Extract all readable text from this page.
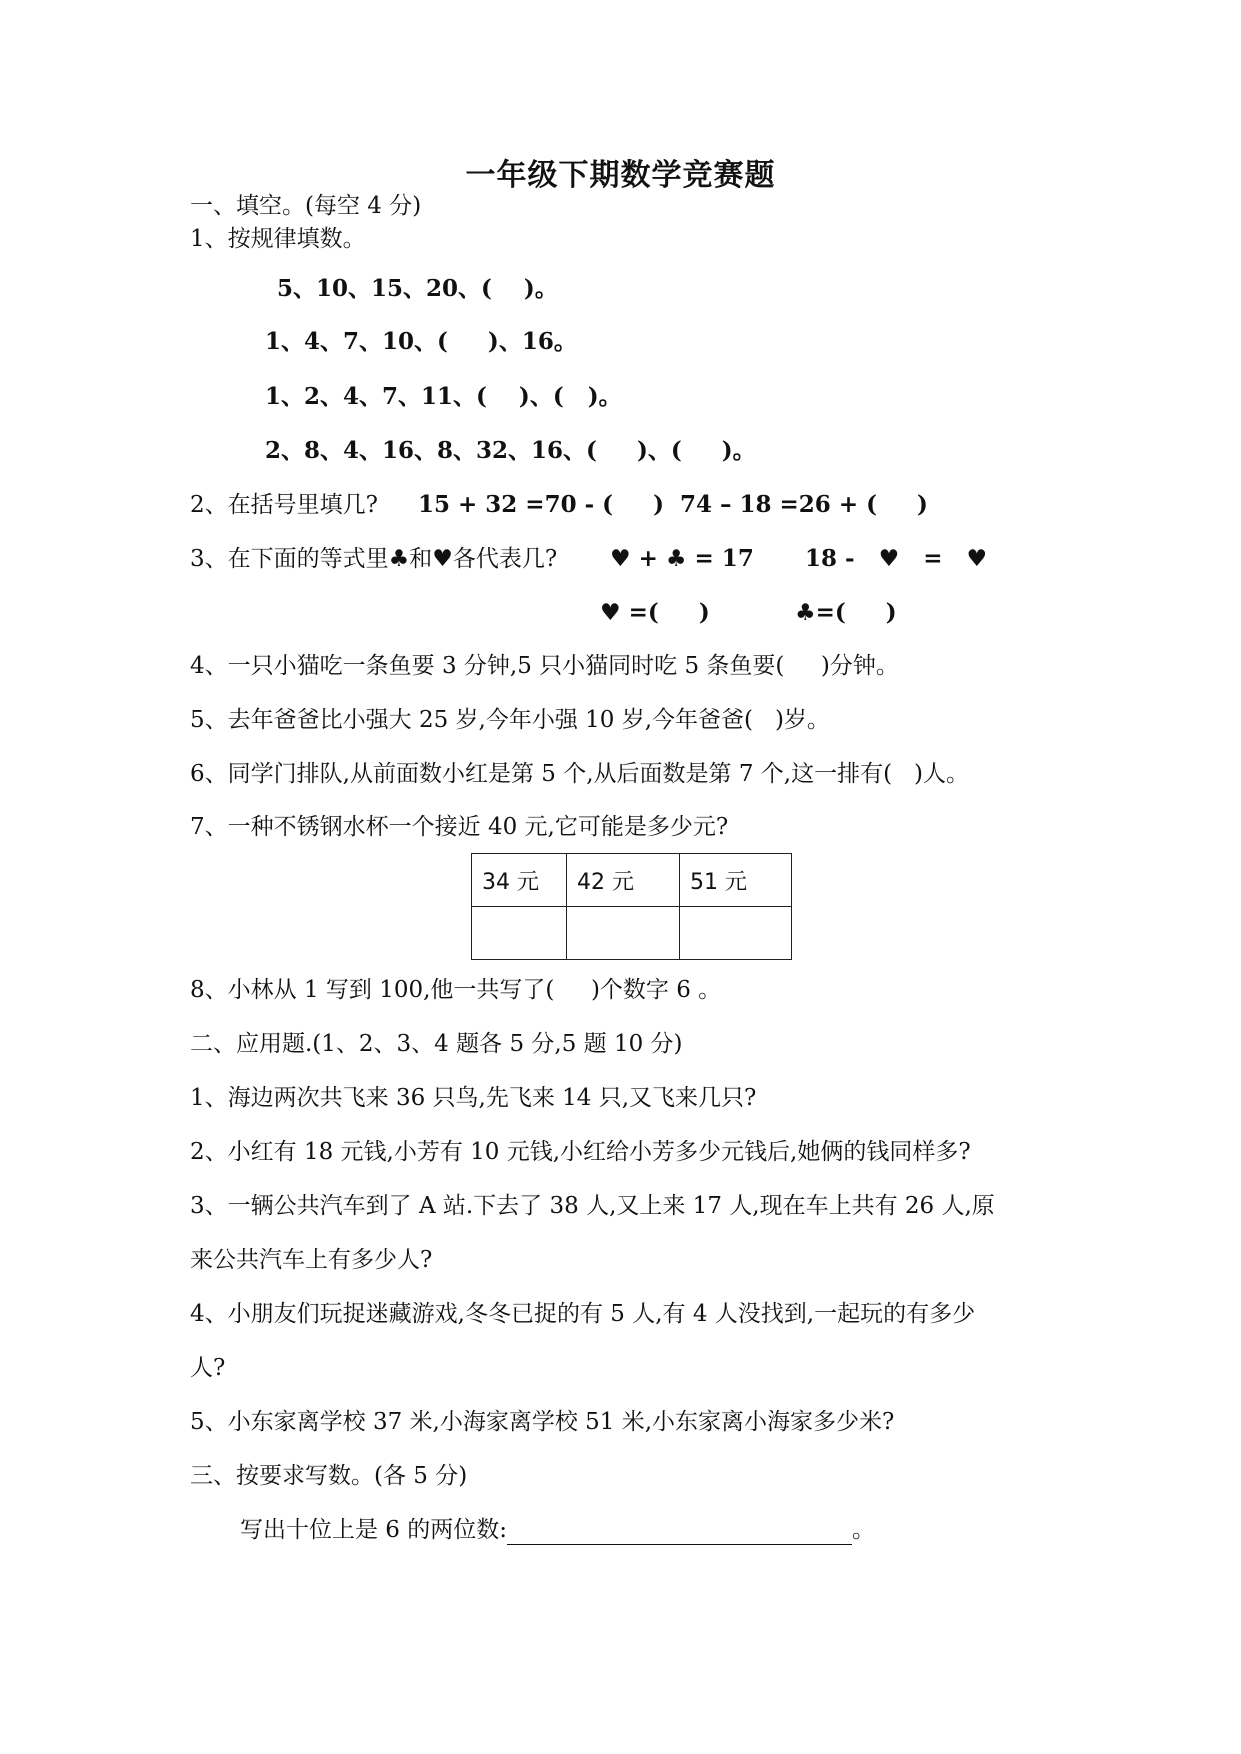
一年级下期数学竞赛题
一、填空。(每空 4 分)
1、按规律填数。
5、10、15、20、(    )。
1、4、7、10、(     )、16。
1、2、4、7、11、(    )、(   )。
2、8、4、16、8、32、16、(     )、(     )。
2、在括号里填几? 15 + 32 =70 - (     ) 74 – 18 =26 + (     )
3、在下面的等式里♣和♥各代表几? ♥ + ♣ = 17 18 -   ♥   =   ♥
♥ =(     )	♣=(     )
4、一只小猫吃一条鱼要 3 分钟,5 只小猫同时吃 5 条鱼要(     )分钟。
5、去年爸爸比小强大 25 岁,今年小强 10 岁,今年爸爸(   )岁。
6、同学门排队,从前面数小红是第 5 个,从后面数是第 7 个,这一排有(   )人。
7、一种不锈钢水杯一个接近 40 元,它可能是多少元?
34 元	42 元	51 元

8、小林从 1 写到 100,他一共写了(     )个数字 6 。
二、应用题.(1、2、3、4 题各 5 分,5 题 10 分)
1、海边两次共飞来 36 只鸟,先飞来 14 只,又飞来几只?
2、小红有 18 元钱,小芳有 10 元钱,小红给小芳多少元钱后,她俩的钱同样多?
3、一辆公共汽车到了 A 站.下去了 38 人,又上来 17 人,现在车上共有 26 人,原
来公共汽车上有多少人?
4、小朋友们玩捉迷藏游戏,冬冬已捉的有 5 人,有 4 人没找到,一起玩的有多少
人?
5、小东家离学校 37 米,小海家离学校 51 米,小东家离小海家多少米?
三、按要求写数。(各 5 分)
写出十位上是 6 的两位数:	。
